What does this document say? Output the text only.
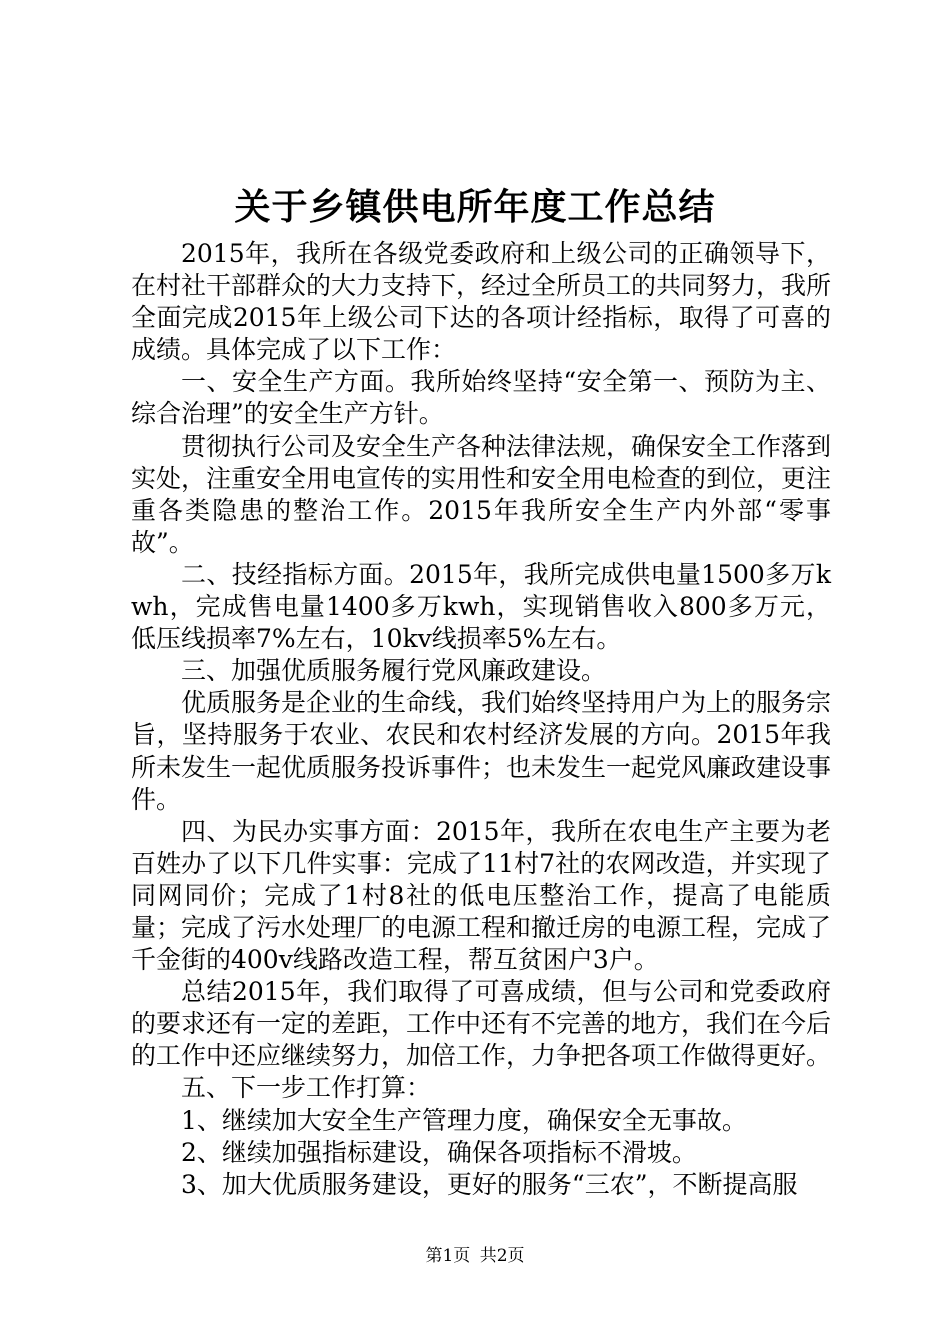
关于乡镇供电所年度工作总结

2015年，我所在各级党委政府和上级公司的正确领导下，在村社干部群众的大力支持下，经过全所员工的共同努力，我所全面完成2015年上级公司下达的各项计经指标，取得了可喜的成绩。具体完成了以下工作：

一、安全生产方面。我所始终坚持“安全第一、预防为主、综合治理”的安全生产方针。

贯彻执行公司及安全生产各种法律法规，确保安全工作落到实处，注重安全用电宣传的实用性和安全用电检查的到位，更注重各类隐患的整治工作。2015年我所安全生产内外部“零事故”。

二、技经指标方面。2015年，我所完成供电量1500多万kwh，完成售电量1400多万kwh，实现销售收入800多万元，低压线损率7%左右，10kv线损率5%左右。

三、加强优质服务履行党风廉政建设。

优质服务是企业的生命线，我们始终坚持用户为上的服务宗旨，坚持服务于农业、农民和农村经济发展的方向。2015年我所未发生一起优质服务投诉事件；也未发生一起党风廉政建设事件。

四、为民办实事方面：2015年，我所在农电生产主要为老百姓办了以下几件实事：完成了11村7社的农网改造，并实现了同网同价；完成了1村8社的低电压整治工作，提高了电能质量；完成了污水处理厂的电源工程和撤迁房的电源工程，完成了千金街的400v线路改造工程，帮互贫困户3户。

总结2015年，我们取得了可喜成绩，但与公司和党委政府的要求还有一定的差距，工作中还有不完善的地方，我们在今后的工作中还应继续努力，加倍工作，力争把各项工作做得更好。

五、下一步工作打算：

1、继续加大安全生产管理力度，确保安全无事故。

2、继续加强指标建设，确保各项指标不滑坡。

3、加大优质服务建设，更好的服务“三农”，不断提高服

第1页 共2页
